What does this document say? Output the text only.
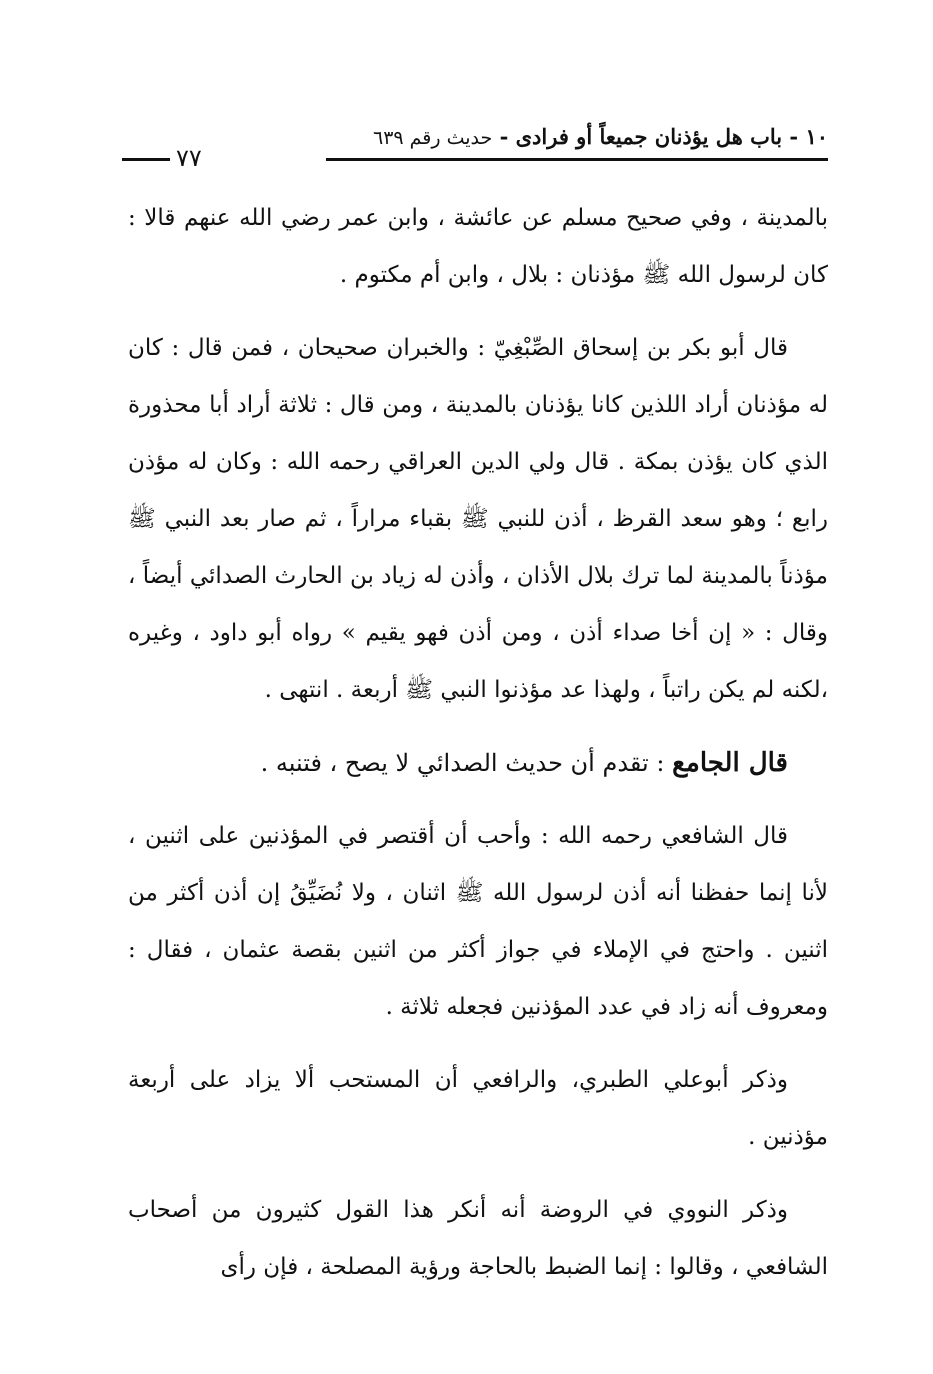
١٠ - باب هل يؤذنان جميعاً أو فرادى - حديث رقم ٦٣٩
٧٧

بالمدينة ، وفي صحيح مسلم عن عائشة ، وابن عمر رضي الله عنهم قالا : كان لرسول الله ﷺ مؤذنان : بلال ، وابن أم مكتوم .

قال أبو بكر بن إسحاق الصِّبْغِيّ : والخبران صحيحان ، فمن قال : كان له مؤذنان أراد اللذين كانا يؤذنان بالمدينة ، ومن قال : ثلاثة أراد أبا محذورة الذي كان يؤذن بمكة . قال ولي الدين العراقي رحمه الله : وكان له مؤذن رابع ؛ وهو سعد القرظ ، أذن للنبي ﷺ بقباء مراراً ، ثم صار بعد النبي ﷺ مؤذناً بالمدينة لما ترك بلال الأذان ، وأذن له زياد بن الحارث الصدائي أيضاً ، وقال : « إن أخا صداء أذن ، ومن أذن فهو يقيم » رواه أبو داود ، وغيره ،لكنه لم يكن راتباً ، ولهذا عد مؤذنوا النبي ﷺ أربعة . انتهى .

قال الجامع : تقدم أن حديث الصدائي لا يصح ، فتنبه .

قال الشافعي رحمه الله : وأحب أن أقتصر في المؤذنين على اثنين ، لأنا إنما حفظنا أنه أذن لرسول الله ﷺ اثنان ، ولا نُضَيِّقُ إن أذن أكثر من اثنين . واحتج في الإملاء في جواز أكثر من اثنين بقصة عثمان ، فقال : ومعروف أنه زاد في عدد المؤذنين فجعله ثلاثة .

وذكر أبوعلي الطبري، والرافعي أن المستحب ألا يزاد على أربعة مؤذنين .

وذكر النووي في الروضة أنه أنكر هذا القول كثيرون من أصحاب الشافعي ، وقالوا : إنما الضبط بالحاجة ورؤية المصلحة ، فإن رأى
